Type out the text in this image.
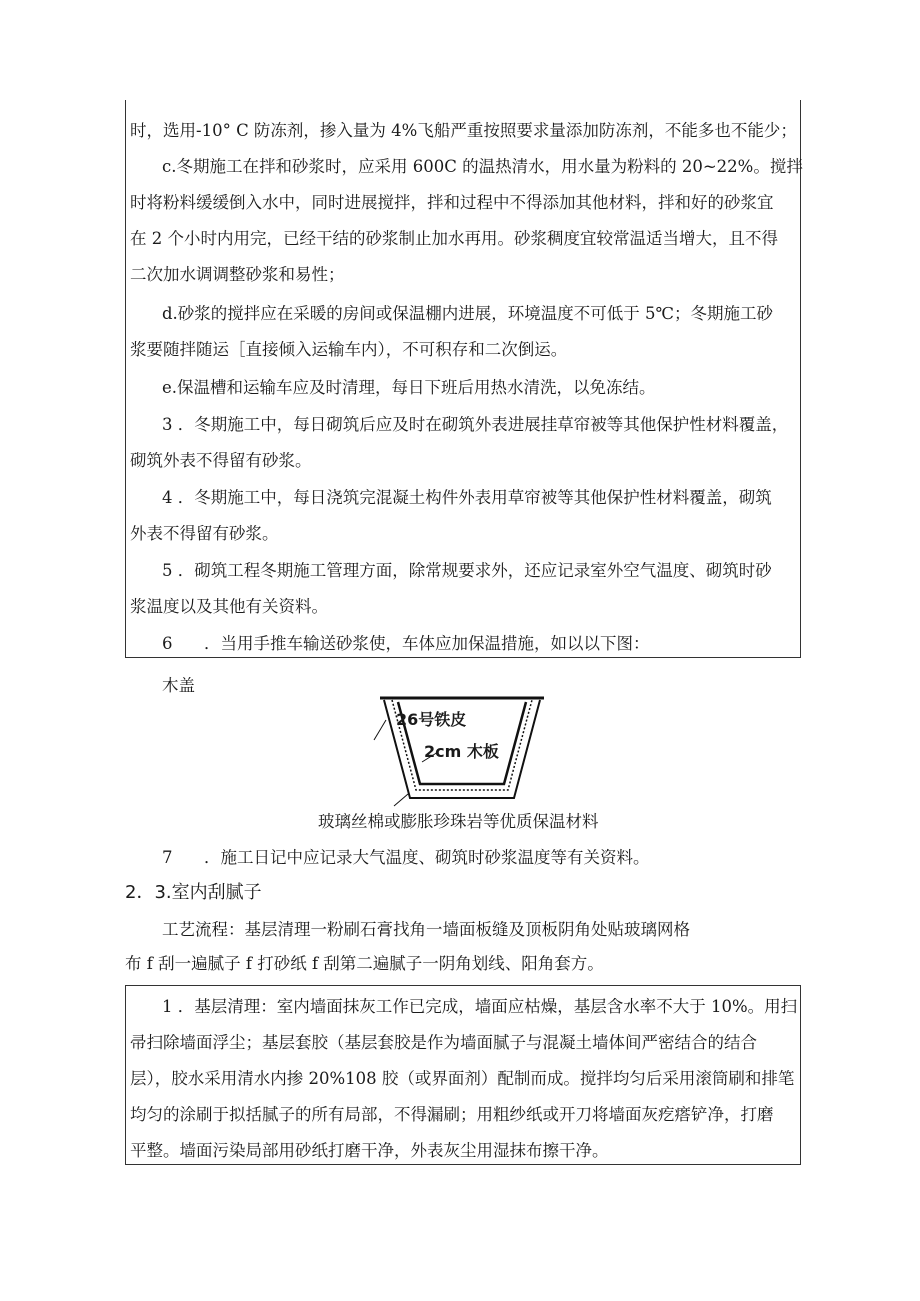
时，选用-10° C 防冻剂，掺入量为 4%飞船严重按照要求量添加防冻剂，不能多也不能少；
c.冬期施工在拌和砂浆时，应采用 600C 的温热清水，用水量为粉料的 20~22%。搅拌
时将粉料缓缓倒入水中，同时进展搅拌，拌和过程中不得添加其他材料，拌和好的砂浆宜
在 2 个小时内用完，已经干结的砂浆制止加水再用。砂浆稠度宜较常温适当增大，且不得
二次加水调调整砂浆和易性；
d.砂浆的搅拌应在采暖的房间或保温棚内进展，环境温度不可低于 5℃；冬期施工砂
浆要随拌随运［直接倾入运输车内），不可积存和二次倒运。
e.保温槽和运输车应及时清理，每日下班后用热水清洗，以免冻结。
3 ．冬期施工中，每日砌筑后应及时在砌筑外表进展挂草帘被等其他保护性材料覆盖，
砌筑外表不得留有砂浆。
4 ．冬期施工中，每日浇筑完混凝土构件外表用草帘被等其他保护性材料覆盖，砌筑
外表不得留有砂浆。
5 ．砌筑工程冬期施工管理方面，除常规要求外，还应记录室外空气温度、砌筑时砂
浆温度以及其他有关资料。
6      ．当用手推车输送砂浆使，车体应加保温措施，如以以下图：
木盖
26号铁皮
2cm 木板
玻璃丝棉或膨胀珍珠岩等优质保温材料
7      ．施工日记中应记录大气温度、砌筑时砂浆温度等有关资料。
2．3.室内刮腻子
工艺流程：基层清理一粉刷石膏找角一墙面板缝及顶板阴角处贴玻璃网格
布 f 刮一遍腻子 f 打砂纸 f 刮第二遍腻子一阴角划线、阳角套方。
1 ．基层清理：室内墙面抹灰工作已完成，墙面应枯燥，基层含水率不大于 10%。用扫
帚扫除墙面浮尘；基层套胶（基层套胶是作为墙面腻子与混凝土墙体间严密结合的结合
层），胶水采用清水内掺 20%108 胶（或界面剂）配制而成。搅拌均匀后采用滚筒刷和排笔
均匀的涂刷于拟括腻子的所有局部，不得漏刷；用粗纱纸或开刀将墙面灰疙瘩铲净，打磨
平整。墙面污染局部用砂纸打磨干净，外表灰尘用湿抹布擦干净。
